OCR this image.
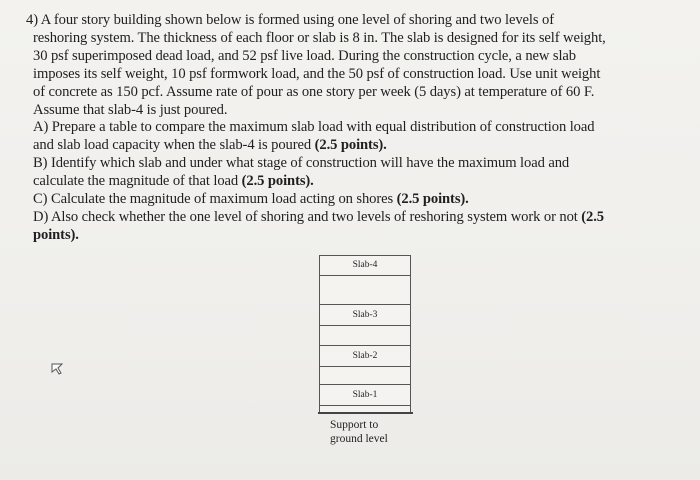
4) A four story building shown below is formed using one level of shoring and two levels of
reshoring system. The thickness of each floor or slab is 8 in. The slab is designed for its self weight,
30 psf superimposed dead load, and 52 psf live load. During the construction cycle, a new slab
imposes its self weight, 10 psf formwork load, and the 50 psf of construction load. Use unit weight
of concrete as 150 pcf. Assume rate of pour as one story per week (5 days) at temperature of 60 F.
Assume that slab-4 is just poured.
A) Prepare a table to compare the maximum slab load with equal distribution of construction load
and slab load capacity when the slab-4 is poured (2.5 points).
B) Identify which slab and under what stage of construction will have the maximum load and
calculate the magnitude of that load (2.5 points).
C) Calculate the magnitude of maximum load acting on shores (2.5 points).
D) Also check whether the one level of shoring and two levels of reshoring system work or not (2.5
points).
Slab-4
Slab-3
Slab-2
Slab-1
Support to
ground level
